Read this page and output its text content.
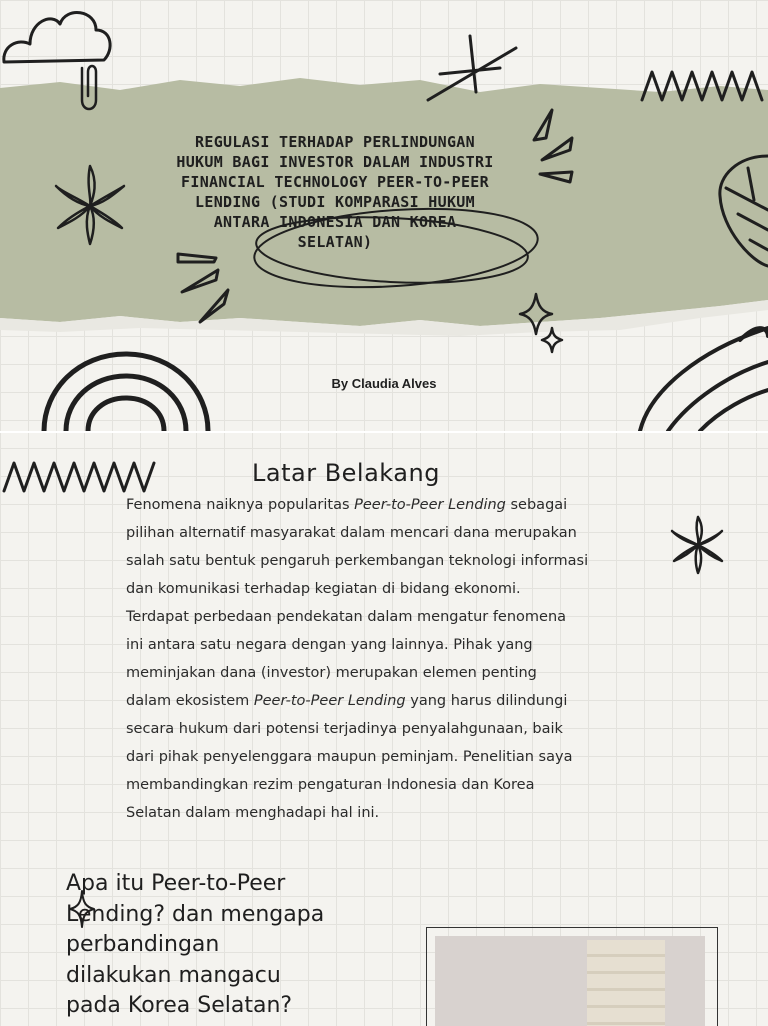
REGULASI TERHADAP PERLINDUNGAN
HUKUM BAGI INVESTOR DALAM INDUSTRI
FINANCIAL TECHNOLOGY PEER-TO-PEER
LENDING (STUDI KOMPARASI HUKUM
ANTARA INDONESIA DAN KOREA
SELATAN)
By Claudia Alves
Latar Belakang

Fenomena naiknya popularitas Peer-to-Peer Lending sebagai
pilihan alternatif masyarakat dalam mencari dana merupakan
salah satu bentuk pengaruh perkembangan teknologi informasi
dan komunikasi terhadap kegiatan di bidang ekonomi.
Terdapat perbedaan pendekatan dalam mengatur fenomena
ini antara satu negara dengan yang lainnya. Pihak yang
meminjakan dana (investor) merupakan elemen penting
dalam ekosistem Peer-to-Peer Lending yang harus dilindungi
secara hukum dari potensi terjadinya penyalahgunaan, baik
dari pihak penyelenggara maupun peminjam. Penelitian saya
membandingkan rezim pengaturan Indonesia dan Korea
Selatan dalam menghadapi hal ini.

Apa itu Peer-to-Peer

Lending? dan mengapa

perbandingan

dilakukan mangacu

pada Korea Selatan?
